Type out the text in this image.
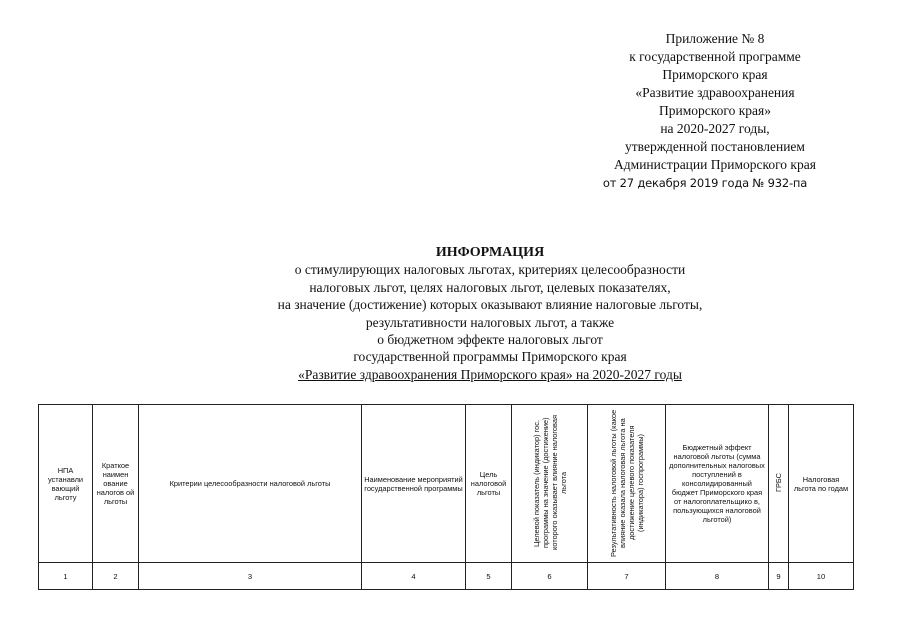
Приложение № 8
к государственной программе
Приморского края
«Развитие здравоохранения
Приморского края»
на 2020-2027 годы,
утвержденной постановлением
Администрации Приморского края
от 27 декабря 2019 года № 932-па
ИНФОРМАЦИЯ
о стимулирующих налоговых льготах, критериях целесообразности
налоговых льгот, целях налоговых льгот, целевых показателях,
на значение (достижение) которых оказывают влияние налоговые льготы,
результативности налоговых льгот, а также
о бюджетном эффекте налоговых льгот
государственной программы Приморского края
«Развитие здравоохранения Приморского края» на 2020-2027 годы
НПА устанавли вающий льготу	Краткое наимен ование налогов ой льготы	Критерии целесообразности налоговой льготы	Наименование мероприятий государственной программы	Цель налоговой льготы	Целевой показатель (индикатор) гос. программы на значение (достижение) которого оказывает влияние налоговая льгота	Результативность налоговой льготы (какое влияние оказала налоговая льгота на достижение целевого показателя (индикатора) госпрограммы)	Бюджетный эффект налоговой льготы (сумма дополнительных налоговых поступлений в консолидированный бюджет Приморского края от налогоплательщико в, пользующихся налоговой льготой)	ГРБС	Налоговая льгота по годам
1	2	3	4	5	6	7	8	9	10
